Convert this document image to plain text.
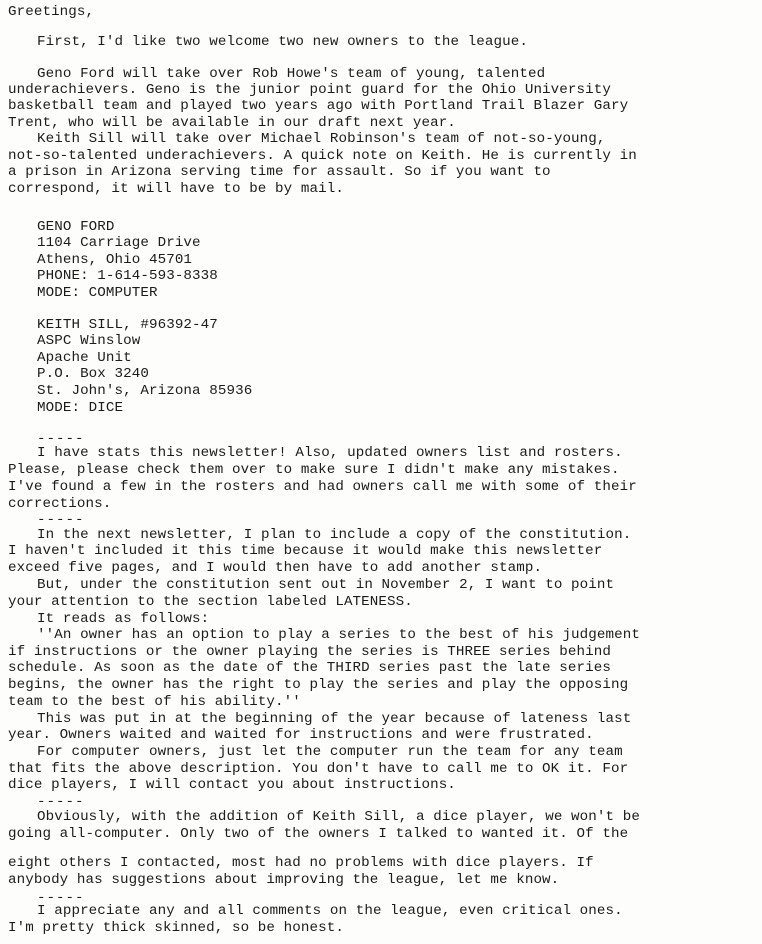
Greetings,

First, I'd like two welcome two new owners to the league.

Geno Ford will take over Rob Howe's team of young, talented

underachievers. Geno is the junior point guard for the Ohio University

basketball team and played two years ago with Portland Trail Blazer Gary

Trent, who will be available in our draft next year.

Keith Sill will take over Michael Robinson's team of not-so-young,

not-so-talented underachievers. A quick note on Keith. He is currently in

a prison in Arizona serving time for assault. So if you want to

correspond, it will have to be by mail.

GENO FORD

1104 Carriage Drive

Athens, Ohio 45701

PHONE: 1-614-593-8338

MODE: COMPUTER

KEITH SILL, #96392-47

ASPC Winslow

Apache Unit

P.O. Box 3240

St. John's, Arizona 85936

MODE: DICE

-----

I have stats this newsletter! Also, updated owners list and rosters.

Please, please check them over to make sure I didn't make any mistakes.

I've found a few in the rosters and had owners call me with some of their

corrections.

-----

In the next newsletter, I plan to include a copy of the constitution.

I haven't included it this time because it would make this newsletter

exceed five pages, and I would then have to add another stamp.

But, under the constitution sent out in November 2, I want to point

your attention to the section labeled LATENESS.

It reads as follows:

''An owner has an option to play a series to the best of his judgement

if instructions or the owner playing the series is THREE series behind

schedule. As soon as the date of the THIRD series past the late series

begins, the owner has the right to play the series and play the opposing

team to the best of his ability.''

This was put in at the beginning of the year because of lateness last

year. Owners waited and waited for instructions and were frustrated.

For computer owners, just let the computer run the team for any team

that fits the above description. You don't have to call me to OK it. For

dice players, I will contact you about instructions.

-----

Obviously, with the addition of Keith Sill, a dice player, we won't be

going all-computer. Only two of the owners I talked to wanted it. Of the

eight others I contacted, most had no problems with dice players. If

anybody has suggestions about improving the league, let me know.

-----

I appreciate any and all comments on the league, even critical ones.

I'm pretty thick skinned, so be honest.
